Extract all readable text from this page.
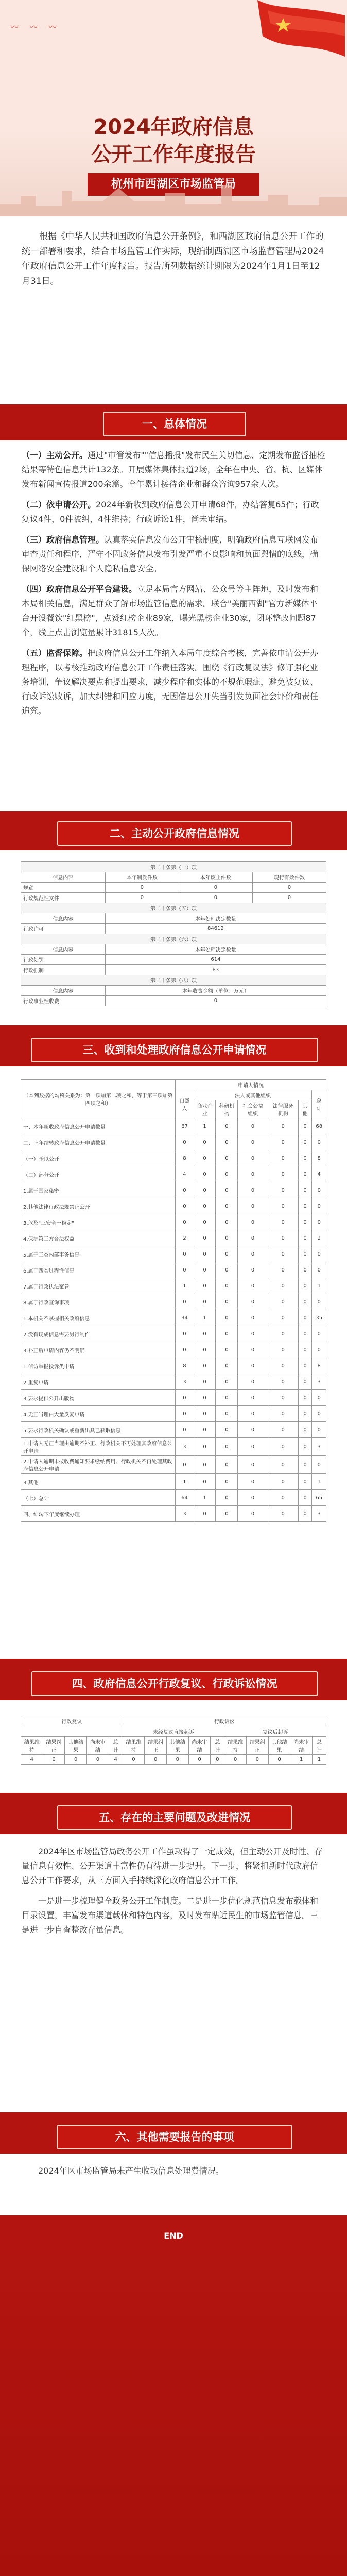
〰 〰 〰
2024年政府信息
公开工作年度报告
杭州市西湖区市场监管局

根据《中华人民共和国政府信息公开条例》，和西湖区政府信息公开工作的统一部署和要求，结合市场监管工作实际，现编制西湖区市场监督管理局2024年政府信息公开工作年度报告。报告所列数据统计期限为2024年1月1日至12月31日。

一、总体情况

（一）主动公开。通过"市管发布""信息播报"发布民生关切信息、定期发布监督抽检结果等特色信息共计132条。开展媒体集体报道2场，全年在中央、省、杭、区媒体发布新闻宣传报道200余篇。全年累计接待企业和群众咨询957余人次。

（二）依申请公开。2024年新收到政府信息公开申请68件，办结答复65件；行政复议4件，0件被纠，4件维持；行政诉讼1件，尚未审结。

（三）政府信息管理。认真落实信息发布公开审核制度，明确政府信息互联网发布审查责任和程序，严守不因政务信息发布引发严重不良影响和负面舆情的底线，确保网络安全建设和个人隐私信息安全。

（四）政府信息公开平台建设。立足本局官方网站、公众号等主阵地，及时发布和本局相关信息，满足群众了解市场监管信息的需求。联合"美丽西湖"官方新媒体平台开设餐饮"红黑榜"，点赞红榜企业89家，曝光黑榜企业30家，闭环整改问题87个，线上点击浏览量累计31815人次。

（五）监督保障。把政府信息公开工作纳入本局年度综合考核，完善依申请公开办理程序，以考核推动政府信息公开工作责任落实。围绕《行政复议法》修订强化业务培训，争议解决要点和提出要求，减少程序和实体的不规范瑕疵，避免被复议、行政诉讼败诉，加大纠错和回应力度，无因信息公开失当引发负面社会评价和责任追究。

二、主动公开政府信息情况
第二十条第（一）项			
信息内容	本年制发件数	本年废止件数	现行有效件数
规章	0	0	0
行政规范性文件	0	0	0
第二十条第（五）项			
信息内容	本年处理决定数量		
行政许可	84612		
第二十条第（六）项			
信息内容	本年处理决定数量		
行政处罚	614		
行政强制	83		
第二十条第（八）项			
信息内容	本年收费金额（单位：万元）		
行政事业性收费	0		
三、收到和处理政府信息公开申请情况
（本列数据的勾稽关系为：第一项加第二项之和，等于第三项加第四项之和）	申请人情况						
	自然人	法人或其他组织					总计
		商业企业	科研机构	社会公益组织	法律服务机构	其他	
一、本年新收政府信息公开申请数量	67	1	0	0	0	0	68
二、上年结转政府信息公开申请数量	0	0	0	0	0	0	0
（一）予以公开	8	0	0	0	0	0	8
（二）部分公开	4	0	0	0	0	0	4
1.属于国家秘密	0	0	0	0	0	0	0
2.其他法律行政法规禁止公开	0	0	0	0	0	0	0
3.危及"三安全一稳定"	0	0	0	0	0	0	0
4.保护第三方合法权益	2	0	0	0	0	0	2
5.属于三类内部事务信息	0	0	0	0	0	0	0
6.属于四类过程性信息	0	0	0	0	0	0	0
7.属于行政执法案卷	1	0	0	0	0	0	1
8.属于行政查询事项	0	0	0	0	0	0	0
1.本机关不掌握相关政府信息	34	1	0	0	0	0	35
2.没有现成信息需要另行制作	0	0	0	0	0	0	0
3.补正后申请内容仍不明确	0	0	0	0	0	0	0
1.信访举报投诉类申请	8	0	0	0	0	0	8
2.重复申请	3	0	0	0	0	0	3
3.要求提供公开出版物	0	0	0	0	0	0	0
4.无正当理由大量反复申请	0	0	0	0	0	0	0
5.要求行政机关确认或重新出具已获取信息	0	0	0	0	0	0	0
1.申请人无正当理由逾期不补正、行政机关不再处理其政府信息公开申请	3	0	0	0	0	0	3
2.申请人逾期未按收费通知要求缴纳费用、行政机关不再处理其政府信息公开申请	0	0	0	0	0	0	0
3.其他	1	0	0	0	0	0	1
（七）总计	64	1	0	0	0	0	65
四、结转下年度继续办理	3	0	0	0	0	0	3
四、政府信息公开行政复议、行政诉讼情况
行政复议					行政诉讼									
					未经复议直接起诉					复议后起诉				
结果维持	结果纠正	其他结果	尚未审结	总计	结果维持	结果纠正	其他结果	尚未审结	总计	结果维持	结果纠正	其他结果	尚未审结	总计
4	0	0	0	4	0	0	0	0	0	0	0	0	1	1
五、存在的主要问题及改进情况

2024年区市场监管局政务公开工作虽取得了一定成效，但主动公开及时性、存量信息有效性、公开渠道丰富性仍有待进一步提升。下一步，将紧扣新时代政府信息公开工作要求，从三方面入手持续深化政府信息公开工作。

一是进一步梳理健全政务公开工作制度。二是进一步优化规范信息发布载体和目录设置，丰富发布渠道载体和特色内容，及时发布贴近民生的市场监管信息。三是进一步自查整改存量信息。

六、其他需要报告的事项

2024年区市场监管局未产生收取信息处理费情况。

END
